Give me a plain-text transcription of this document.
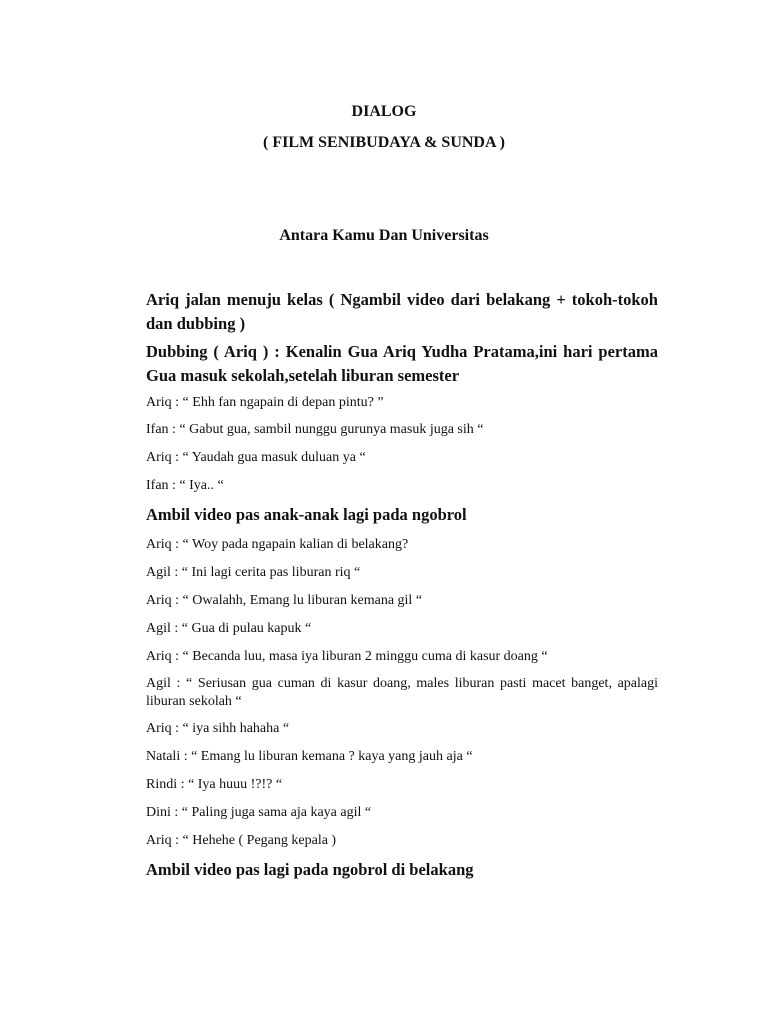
DIALOG

( FILM SENIBUDAYA & SUNDA )

Antara Kamu Dan Universitas

Ariq jalan menuju kelas ( Ngambil video dari belakang + tokoh-tokoh dan dubbing )

Dubbing ( Ariq ) : Kenalin Gua Ariq Yudha Pratama,ini hari pertama Gua masuk sekolah,setelah liburan semester

Ariq : “ Ehh fan ngapain di depan pintu? ”

Ifan : “ Gabut gua, sambil nunggu gurunya masuk juga sih “

Ariq : “ Yaudah gua masuk duluan ya “

Ifan : “ Iya.. “

Ambil video pas anak-anak lagi pada ngobrol

Ariq : “ Woy pada ngapain kalian di belakang?

Agil : “ Ini lagi cerita pas liburan riq “

Ariq : “ Owalahh, Emang lu liburan kemana gil “

Agil : “ Gua di pulau kapuk “

Ariq : “ Becanda luu, masa iya liburan 2 minggu cuma di kasur doang “

Agil : “ Seriusan gua cuman di kasur doang, males liburan pasti macet banget, apalagi liburan sekolah “

Ariq : “ iya sihh hahaha “

Natali : “ Emang lu liburan kemana ? kaya yang jauh aja “

Rindi : “ Iya huuu !?!? “

Dini : “ Paling juga sama aja kaya agil “

Ariq : “ Hehehe ( Pegang kepala )

Ambil video pas lagi pada ngobrol di belakang
